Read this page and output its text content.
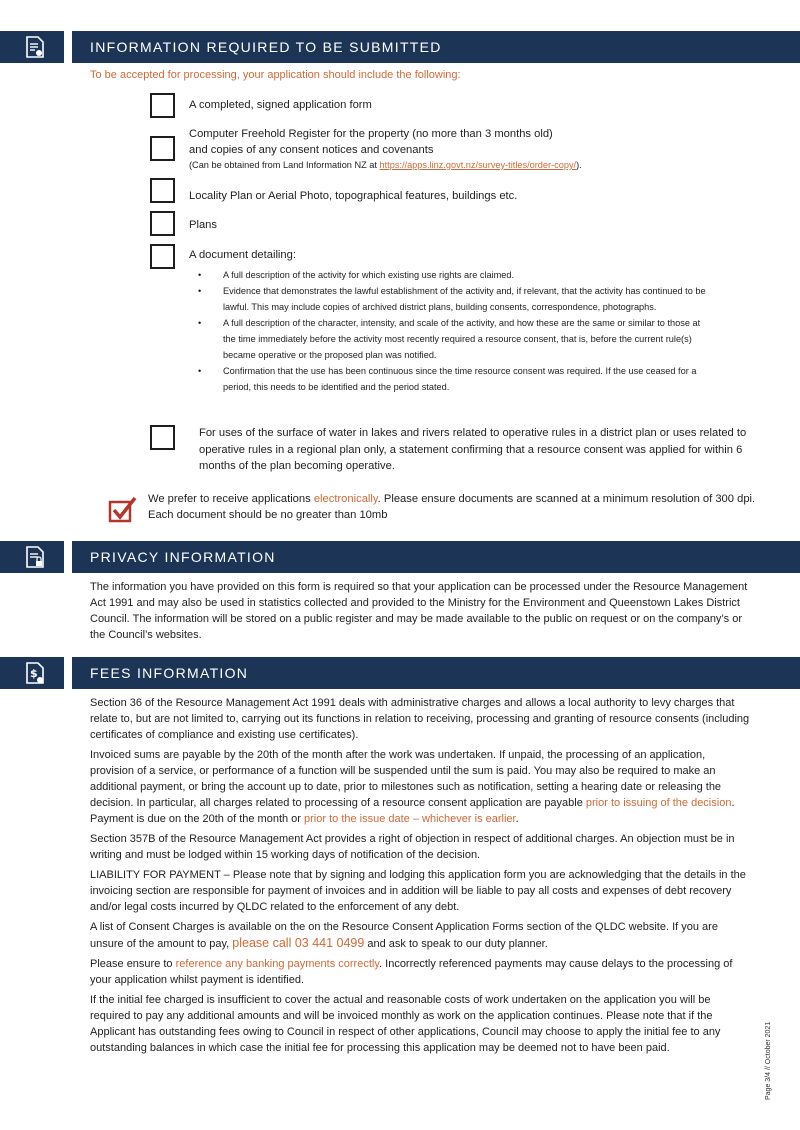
INFORMATION REQUIRED TO BE SUBMITTED
To be accepted for processing, your application should include the following:
A completed, signed application form
Computer Freehold Register for the property (no more than 3 months old)
and copies of any consent notices and covenants
(Can be obtained from Land Information NZ at https://apps.linz.govt.nz/survey-titles/order-copy/).
Locality Plan or Aerial Photo, topographical features, buildings etc.
Plans
A document detailing:
• A full description of the activity for which existing use rights are claimed.
• Evidence that demonstrates the lawful establishment of the activity and, if relevant, that the activity has continued to be lawful. This may include copies of archived district plans, building consents, correspondence, photographs.
• A full description of the character, intensity, and scale of the activity, and how these are the same or similar to those at the time immediately before the activity most recently required a resource consent, that is, before the current rule(s) became operative or the proposed plan was notified.
• Confirmation that the use has been continuous since the time resource consent was required. If the use ceased for a period, this needs to be identified and the period stated.
For uses of the surface of water in lakes and rivers related to operative rules in a district plan or uses related to operative rules in a regional plan only, a statement confirming that a resource consent was applied for within 6 months of the plan becoming operative.
We prefer to receive applications electronically. Please ensure documents are scanned at a minimum resolution of 300 dpi.
Each document should be no greater than 10mb
PRIVACY INFORMATION
The information you have provided on this form is required so that your application can be processed under the Resource Management Act 1991 and may also be used in statistics collected and provided to the Ministry for the Environment and Queenstown Lakes District Council. The information will be stored on a public register and may be made available to the public on request or on the company’s or the Council’s websites.
$	FEES INFORMATION

Section 36 of the Resource Management Act 1991 deals with administrative charges and allows a local authority to levy charges that relate to, but are not limited to, carrying out its functions in relation to receiving, processing and granting of resource consents (including certificates of compliance and existing use certificates).

Invoiced sums are payable by the 20th of the month after the work was undertaken. If unpaid, the processing of an application, provision of a service, or performance of a function will be suspended until the sum is paid. You may also be required to make an additional payment, or bring the account up to date, prior to milestones such as notification, setting a hearing date or releasing the decision. In particular, all charges related to processing of a resource consent application are payable prior to issuing of the decision. Payment is due on the 20th of the month or prior to the issue date – whichever is earlier.

Section 357B of the Resource Management Act provides a right of objection in respect of additional charges. An objection must be in writing and must be lodged within 15 working days of notification of the decision.

LIABILITY FOR PAYMENT – Please note that by signing and lodging this application form you are acknowledging that the details in the invoicing section are responsible for payment of invoices and in addition will be liable to pay all costs and expenses of debt recovery and/or legal costs incurred by QLDC related to the enforcement of any debt.

A list of Consent Charges is available on the on the Resource Consent Application Forms section of the QLDC website. If you are unsure of the amount to pay, please call 03 441 0499 and ask to speak to our duty planner.

Please ensure to reference any banking payments correctly. Incorrectly referenced payments may cause delays to the processing of your application whilst payment is identified.

If the initial fee charged is insufficient to cover the actual and reasonable costs of work undertaken on the application you will be required to pay any additional amounts and will be invoiced monthly as work on the application continues. Please note that if the Applicant has outstanding fees owing to Council in respect of other applications, Council may choose to apply the initial fee to any outstanding balances in which case the initial fee for processing this application may be deemed not to have been paid.	Page 3/4 // October 2021
